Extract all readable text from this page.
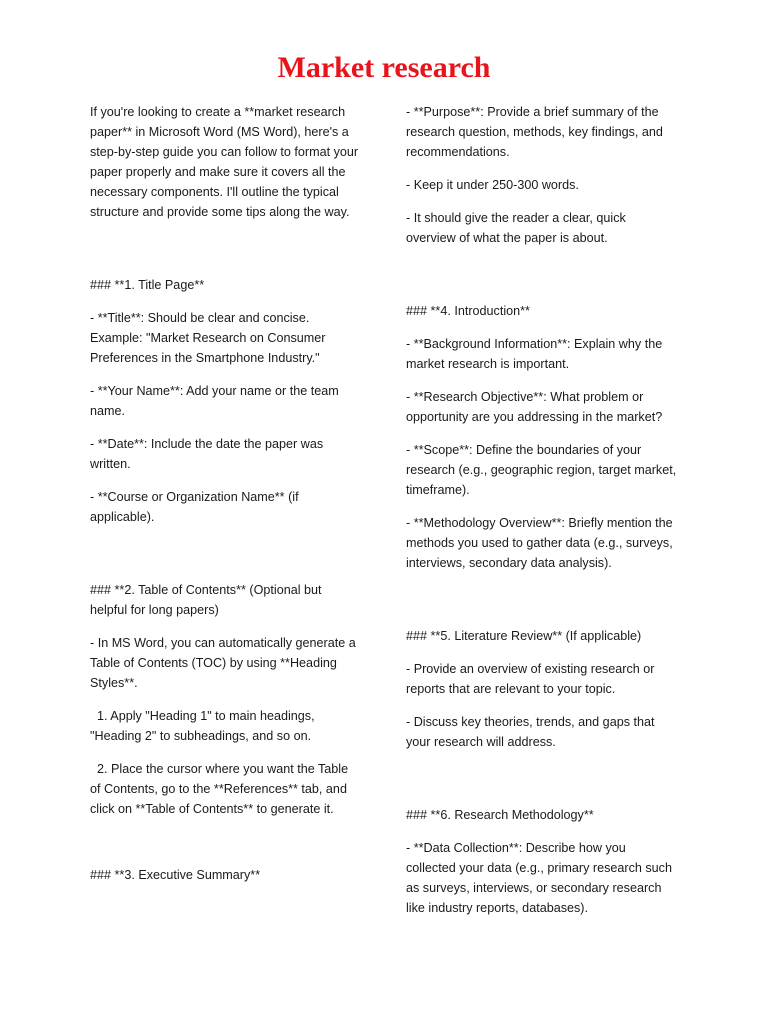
Market research

If you're looking to create a **market research paper** in Microsoft Word (MS Word), here's a step-by-step guide you can follow to format your paper properly and make sure it covers all the necessary components. I'll outline the typical structure and provide some tips along the way.

### **1. Title Page**

- **Title**: Should be clear and concise. Example: "Market Research on Consumer Preferences in the Smartphone Industry."

- **Your Name**: Add your name or the team name.

- **Date**: Include the date the paper was written.

- **Course or Organization Name** (if applicable).

### **2. Table of Contents** (Optional but helpful for long papers)

- In MS Word, you can automatically generate a Table of Contents (TOC) by using **Heading Styles**.

1. Apply "Heading 1" to main headings, "Heading 2" to subheadings, and so on.

2. Place the cursor where you want the Table of Contents, go to the **References** tab, and click on **Table of Contents** to generate it.

### **3. Executive Summary**

- **Purpose**: Provide a brief summary of the research question, methods, key findings, and recommendations.

- Keep it under 250-300 words.

- It should give the reader a clear, quick overview of what the paper is about.

### **4. Introduction**

- **Background Information**: Explain why the market research is important.

- **Research Objective**: What problem or opportunity are you addressing in the market?

- **Scope**: Define the boundaries of your research (e.g., geographic region, target market, timeframe).

- **Methodology Overview**: Briefly mention the methods you used to gather data (e.g., surveys, interviews, secondary data analysis).

### **5. Literature Review** (If applicable)

- Provide an overview of existing research or reports that are relevant to your topic.

- Discuss key theories, trends, and gaps that your research will address.

### **6. Research Methodology**

- **Data Collection**: Describe how you collected your data (e.g., primary research such as surveys, interviews, or secondary research like industry reports, databases).
